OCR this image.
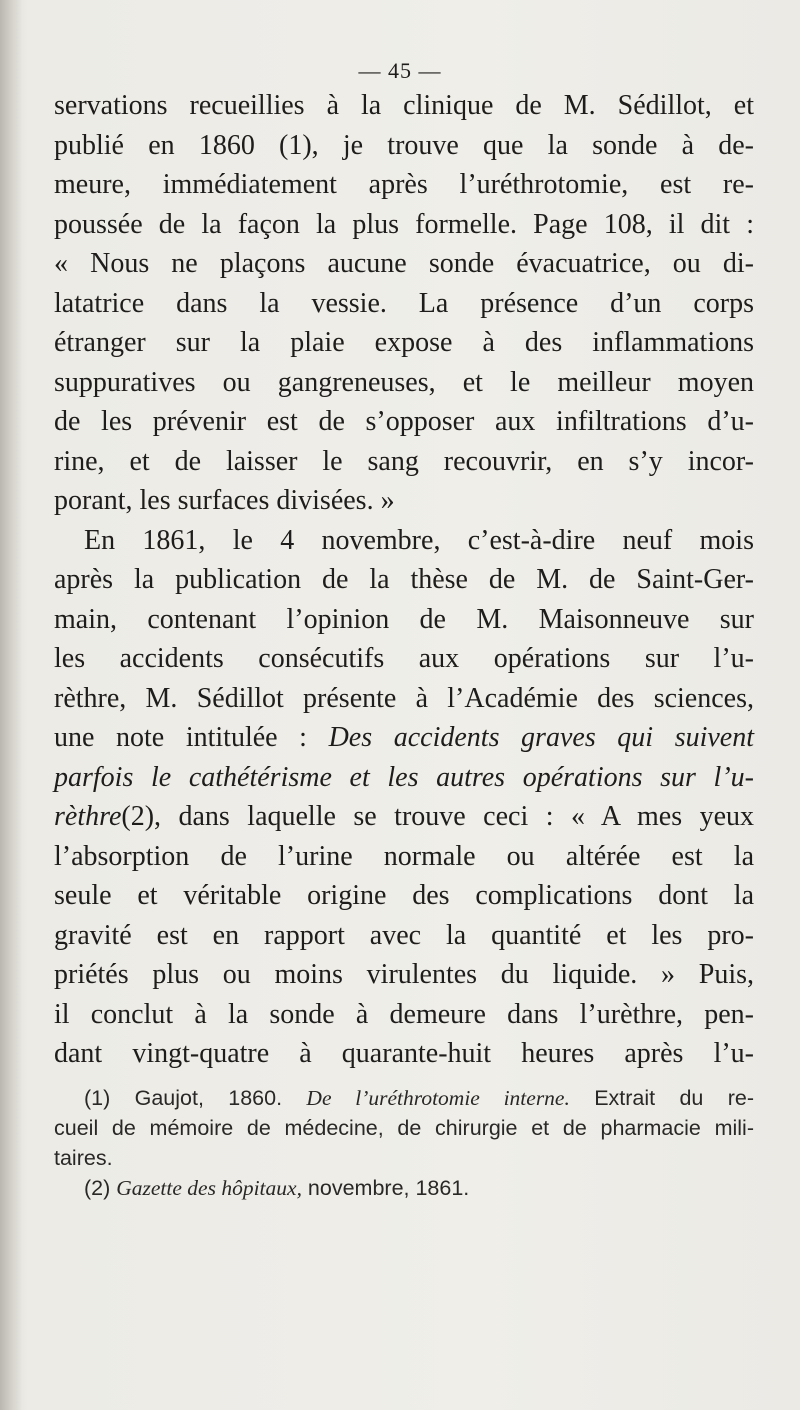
— 45 —
servations recueillies à la clinique de M. Sédillot, et
publié en 1860 (1), je trouve que la sonde à de-
meure, immédiatement après l’uréthrotomie, est re-
poussée de la façon la plus formelle. Page 108, il dit :
« Nous ne plaçons aucune sonde évacuatrice, ou di-
latatrice dans la vessie. La présence d’un corps
étranger sur la plaie expose à des inflammations
suppuratives ou gangreneuses, et le meilleur moyen
de les prévenir est de s’opposer aux infiltrations d’u-
rine, et de laisser le sang recouvrir, en s’y incor-
porant, les surfaces divisées. »
En 1861, le 4 novembre, c’est-à-dire neuf mois
après la publication de la thèse de M. de Saint-Ger-
main, contenant l’opinion de M. Maisonneuve sur
les accidents consécutifs aux opérations sur l’u-
rèthre, M. Sédillot présente à l’Académie des sciences,
une note intitulée : Des accidents graves qui suivent
parfois le cathétérisme et les autres opérations sur l’u-
rèthre(2), dans laquelle se trouve ceci : « A mes yeux
l’absorption de l’urine normale ou altérée est la
seule et véritable origine des complications dont la
gravité est en rapport avec la quantité et les pro-
priétés plus ou moins virulentes du liquide. » Puis,
il conclut à la sonde à demeure dans l’urèthre, pen-
dant vingt-quatre à quarante-huit heures après l’u-
(1) Gaujot, 1860. De l’uréthrotomie interne. Extrait du re-
cueil de mémoire de médecine, de chirurgie et de pharmacie mili-
taires.
(2) Gazette des hôpitaux, novembre, 1861.
